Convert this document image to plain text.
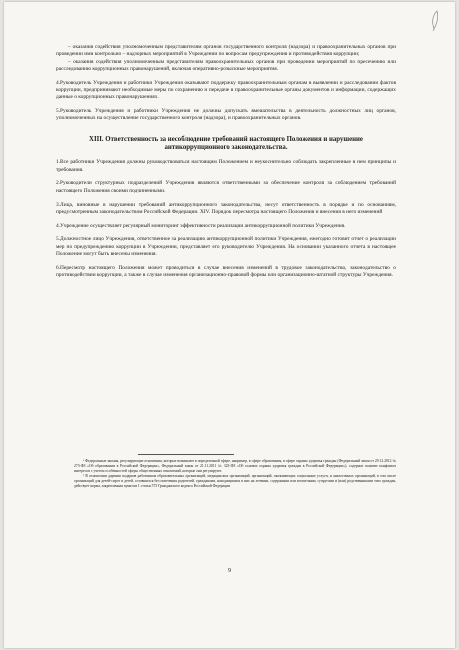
– оказания содействия уполномоченным представителям органов государственного контроля (надзора) и правоохранительных органов при проведении ими контрольно – надзорных мероприятий в Учреждении по вопросам предупреждения и противодействия коррупции;

– оказания содействия уполномоченным представителям правоохранительных органов при проведении мероприятий по пресечению или расследованию коррупционных правонарушений, включая оперативно-розыскные мероприятия.

4.Руководитель Учреждения и работники Учреждения оказывают поддержку правоохранительным органам в выявлении и расследовании фактов коррупции, предпринимают необходимые меры по сохранению и передаче в правоохранительные органы документов и информации, содержащих данные о коррупционных правонарушениях.

5.Руководитель Учреждения и работники Учреждения не должны допускать вмешательства в деятельность должностных лиц органов, уполномоченных на осуществление государственного контроля (надзора), и правоохранительных органов.

XIII. Ответственность за несоблюдение требований настоящего Положения и нарушение антикоррупционного законодательства.

1.Все работники Учреждения должны руководствоваться настоящим Положением и неукоснительно соблюдать закрепленные в нем принципы и требования.

2.Руководители структурных подразделений Учреждения являются ответственными за обеспечение контроля за соблюдением требований настоящего Положения своими подчиненными.

3.Лица, виновные в нарушении требований антикоррупционного законодательства, несут ответственность в порядке и по основаниям, предусмотренным законодательством Российской Федерации. XIV. Порядок пересмотра настоящего Положения и внесения в него изменений

4.Учреждение осуществляет регулярный мониторинг эффективности реализации антикоррупционной политики Учреждения.

5.Должностное лицо Учреждения, ответственное за реализацию антикоррупционной политики Учреждения, ежегодно готовит отчет о реализации мер по предупреждению коррупции в Учреждении, представляет его руководителю Учреждения. На основании указанного отчета в настоящее Положение могут быть внесены изменения.

6.Пересмотр настоящего Положения может проводиться в случае внесения изменений в трудовое законодательство, законодательство о противодействии коррупции, а также в случае изменения организационно-правовой формы или организационно-штатной структуры Учреждения.

¹ Федеральные законы, регулирующие отношения, которые возникают в определенной сфере, например, в сфере образования, в сфере охраны здоровья граждан (Федеральный закон от 29.12.2012 № 273-ФЗ «Об образовании в Российской Федерации», Федеральный закон от 21.11.2011 № 323-ФЗ «Об основах охраны здоровья граждан в Российской Федерации»), содержат понятие конфликта интересов с учетом особенностей сферы общественных отношений, которые они регулируют.

² В отношении дарения подарков работникам образовательных организаций, медицинских организаций, организаций, оказывающих социальные услуги, и аналогичных организаций, в том числе организаций для детей-сирот и детей, оставшихся без попечения родителей, гражданами, находящимися в них на лечении, содержании или воспитании, супругами и (или) родственниками этих граждан, действует норма, закрепленная пунктом 1 статьи 575 Гражданского кодекса Российской Федерации

9
